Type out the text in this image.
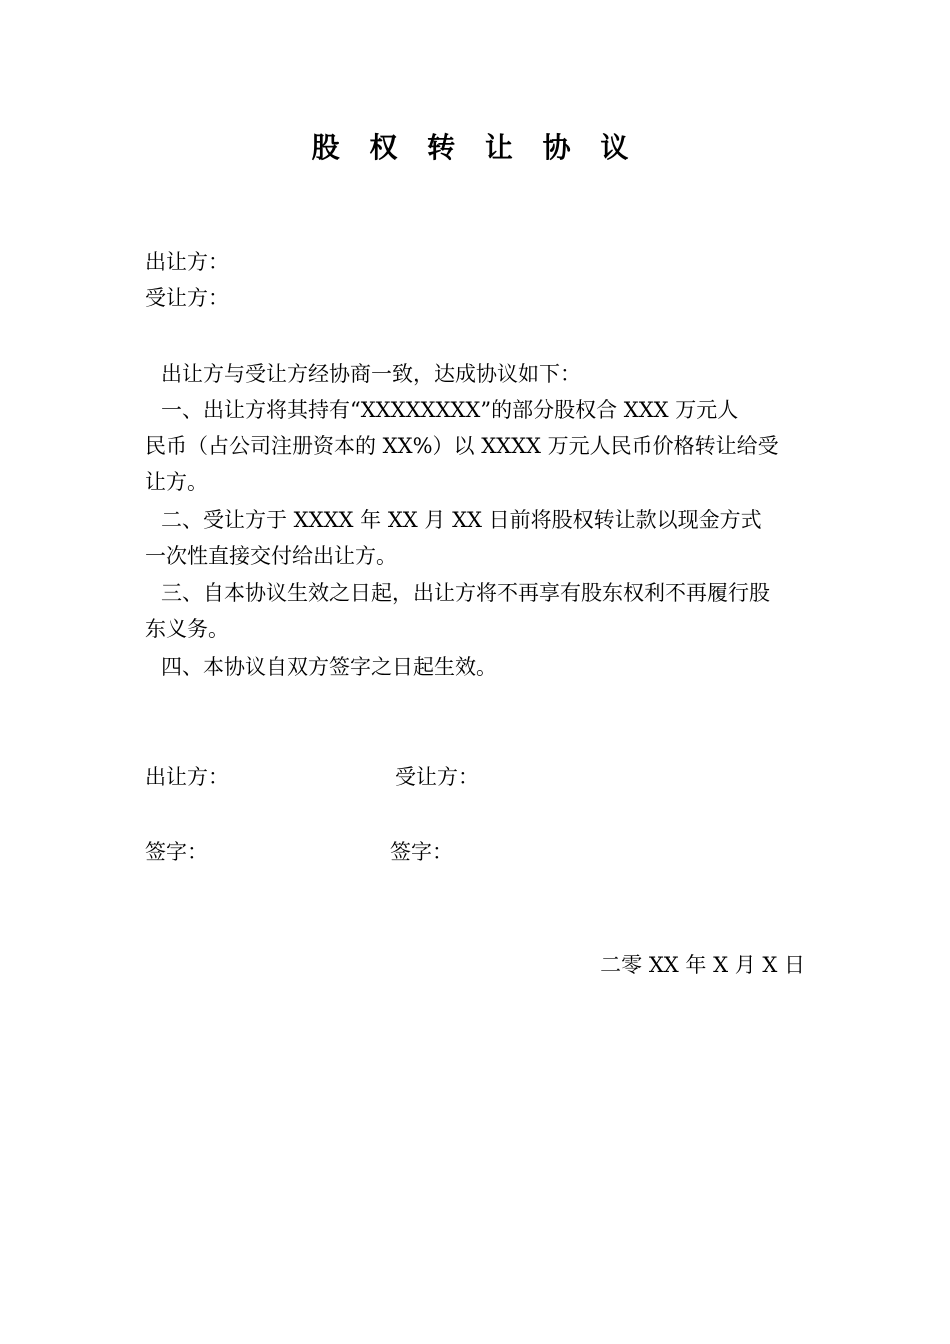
股 权 转 让 协 议
出让方：
受让方：
出让方与受让方经协商一致，达成协议如下：
一、出让方将其持有“XXXXXXXX”的部分股权合 XXX 万元人
民币（占公司注册资本的 XX%）以 XXXX 万元人民币价格转让给受
让方。
二、受让方于 XXXX 年 XX 月 XX 日前将股权转让款以现金方式
一次性直接交付给出让方。
三、自本协议生效之日起，出让方将不再享有股东权利不再履行股
东义务。
四、本协议自双方签字之日起生效。
出让方：	受让方：
签字：	签字：
二零 XX 年 X 月 X 日
